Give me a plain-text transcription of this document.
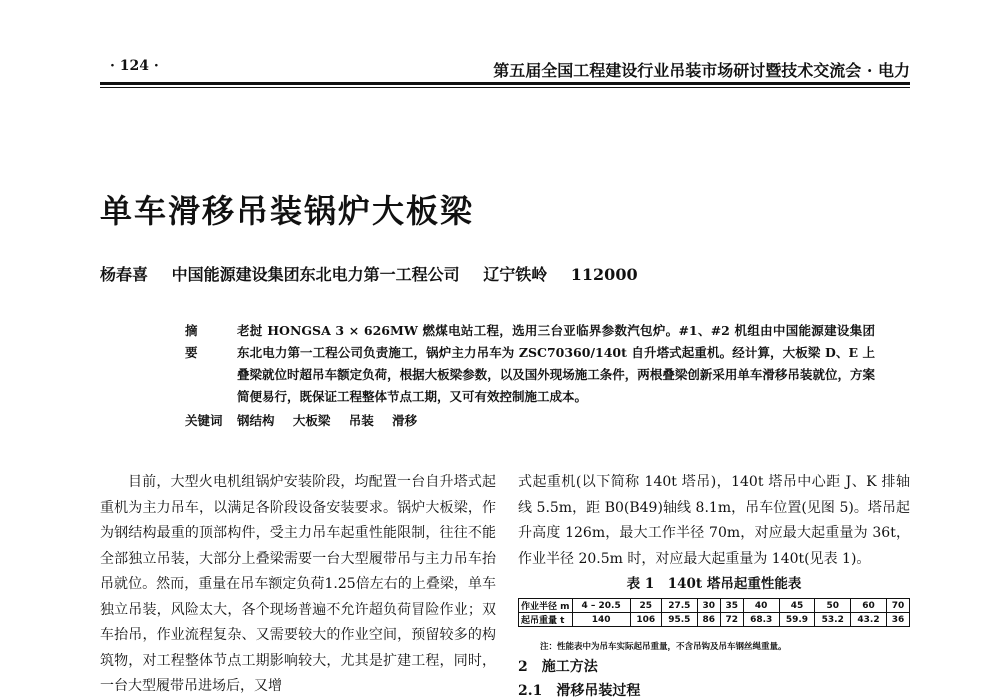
· 124 ·	第五届全国工程建设行业吊装市场研讨暨技术交流会 · 电力
单车滑移吊装锅炉大板梁
杨春喜 中国能源建设集团东北电力第一工程公司 辽宁铁岭 112000
摘 要
老挝 HONGSA 3 × 626MW 燃煤电站工程，选用三台亚临界参数汽包炉。#1、#2 机组由中国能源建设集团东北电力第一工程公司负责施工，锅炉主力吊车为 ZSC70360/140t 自升塔式起重机。经计算，大板梁 D、E 上叠梁就位时超吊车额定负荷，根据大板梁参数，以及国外现场施工条件，两根叠梁创新采用单车滑移吊装就位，方案简便易行，既保证工程整体节点工期，又可有效控制施工成本。
关键词 钢结构 大板梁 吊装 滑移
目前，大型火电机组锅炉安装阶段，均配置一台自升塔式起重机为主力吊车，以满足各阶段设备安装要求。锅炉大板梁，作为钢结构最重的顶部构件，受主力吊车起重性能限制，往往不能全部独立吊装，大部分上叠梁需要一台大型履带吊与主力吊车抬吊就位。然而，重量在吊车额定负荷1.25倍左右的上叠梁，单车独立吊装，风险太大，各个现场普遍不允许超负荷冒险作业；双车抬吊，作业流程复杂、又需要较大的作业空间，预留较多的构筑物，对工程整体节点工期影响较大，尤其是扩建工程，同时，一台大型履带吊进场后，又增
式起重机(以下简称 140t 塔吊)，140t 塔吊中心距 J、K 排轴线 5.5m，距 B0(B49)轴线 8.1m，吊车位置(见图 5)。塔吊起升高度 126m，最大工作半径 70m，对应最大起重量为 36t，作业半径 20.5m 时，对应最大起重量为 140t(见表 1)。
表 1　140t 塔吊起重性能表
作业半径 m	4 – 20.5	25	27.5	30	35	40	45	50	60	70
起吊重量 t	140	106	95.5	86	72	68.3	59.9	53.2	43.2	36
注：性能表中为吊车实际起吊重量，不含吊钩及吊车钢丝绳重量。
2　施工方法
2.1　滑移吊装过程
